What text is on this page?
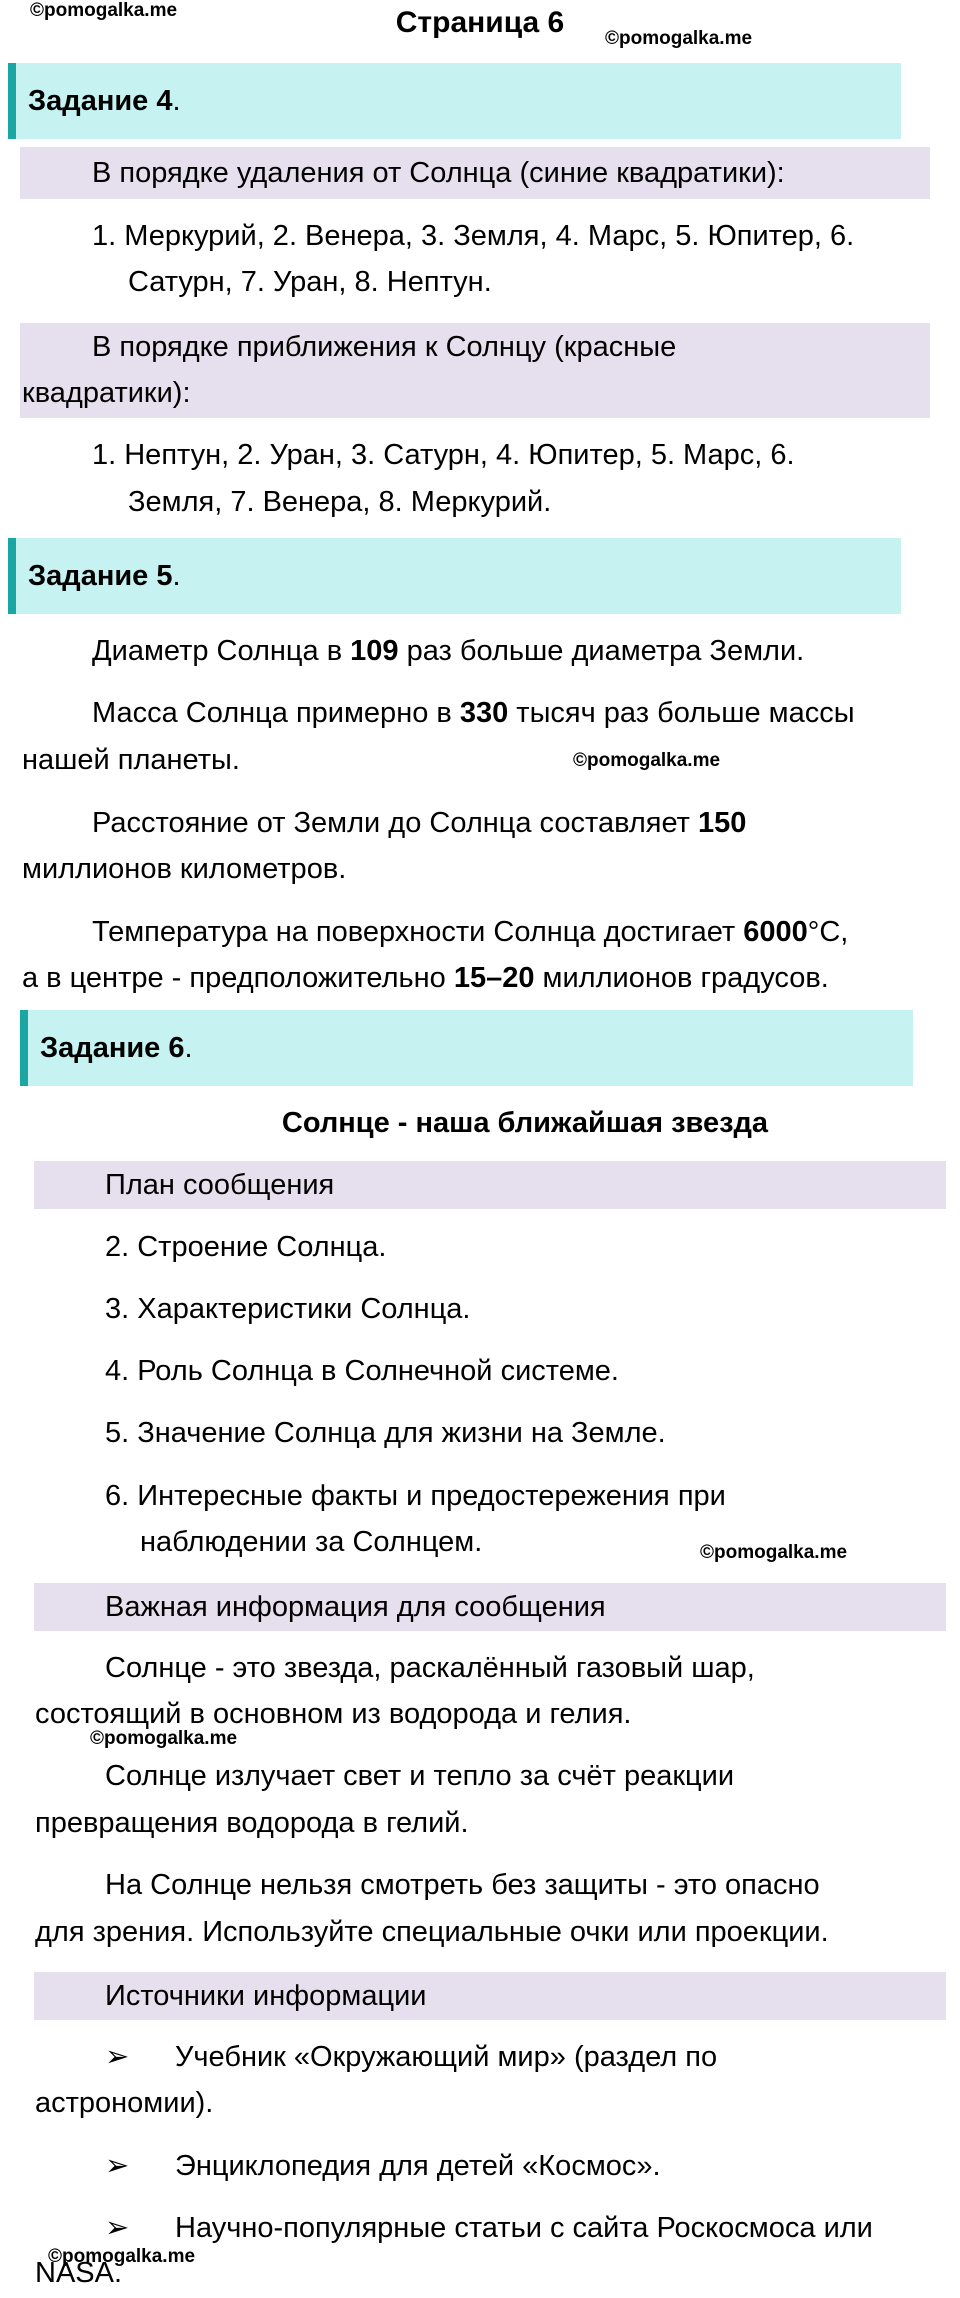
©pomogalka.me
©pomogalka.me
©pomogalka.me
©pomogalka.me
©pomogalka.me
©pomogalka.me
Страница 6
Задание 4 .
В порядке удаления от Солнца (синие квадратики):
1. Меркурий, 2. Венера, 3. Земля, 4. Марс, 5. Юпитер, 6.
Сатурн, 7. Уран, 8. Нептун.
В порядке приближения к Солнцу (красные
квадратики):
1. Нептун, 2. Уран, 3. Сатурн, 4. Юпитер, 5. Марс, 6.
Земля, 7. Венера, 8. Меркурий.
Задание 5 .
Диаметр Солнца в 109 раз больше диаметра Земли.
Масса Солнца примерно в 330 тысяч раз больше массы
нашей планеты.
Расстояние от Земли до Солнца составляет 150
миллионов километров.
Температура на поверхности Солнца достигает 6000°C,
а в центре - предположительно 15–20 миллионов градусов.
Задание 6 .
Солнце - наша ближайшая звезда
План сообщения
2. Строение Солнца.
3. Характеристики Солнца.
4. Роль Солнца в Солнечной системе.
5. Значение Солнца для жизни на Земле.
6. Интересные факты и предостережения при
наблюдении за Солнцем.
Важная информация для сообщения
Солнце - это звезда, раскалённый газовый шар,
состоящий в основном из водорода и гелия.
Солнце излучает свет и тепло за счёт реакции
превращения водорода в гелий.
На Солнце нельзя смотреть без защиты - это опасно
для зрения. Используйте специальные очки или проекции.
Источники информации
➢ Учебник «Окружающий мир» (раздел по
астрономии).
➢ Энциклопедия для детей «Космос».
➢ Научно-популярные статьи с сайта Роскосмоса или
NASA.
